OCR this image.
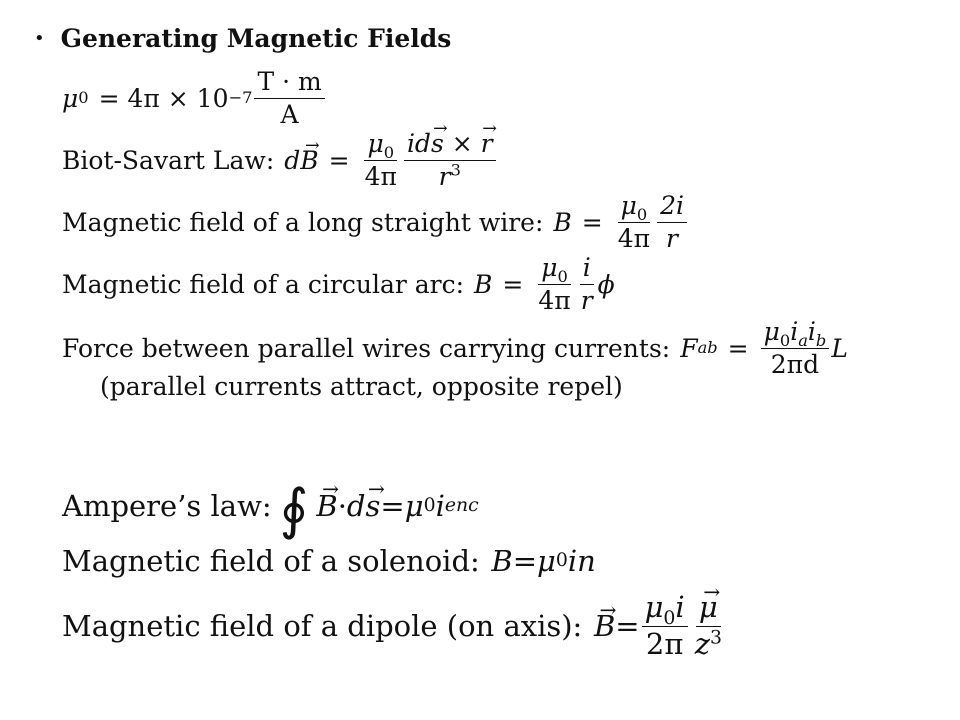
• Generating Magnetic Fields
μ $0 = 4\pi \times 10 -7 \frac{T \cdot m}{A}$
Biot-Savart Law: d
→ $B = \frac{\mu_0}{4\pi} \frac{id\to s \times \to r}{r^3}$
Magnetic field of a long straight wire: $B = \frac{\mu_0}{4\pi} \frac{2i}{r}$
Magnetic field of a circular arc: $B = \frac{\mu_0}{4\pi} \frac{i}{r}$ ϕ
Force between parallel wires carrying currents: F ab = $\frac{\mu_0i_ai_b}{2\pi d}$ L
(parallel currents attract, opposite repel)
Ampere’s law: ∮
→ B · d
→ s = μ 0 i enc
Magnetic field of a solenoid: B = μ 0 in
Magnetic field of a dipole (on axis):
→ $B = \frac{\mu_0i}{2\pi}$
→ $\frac{\mu}{z^3}$
